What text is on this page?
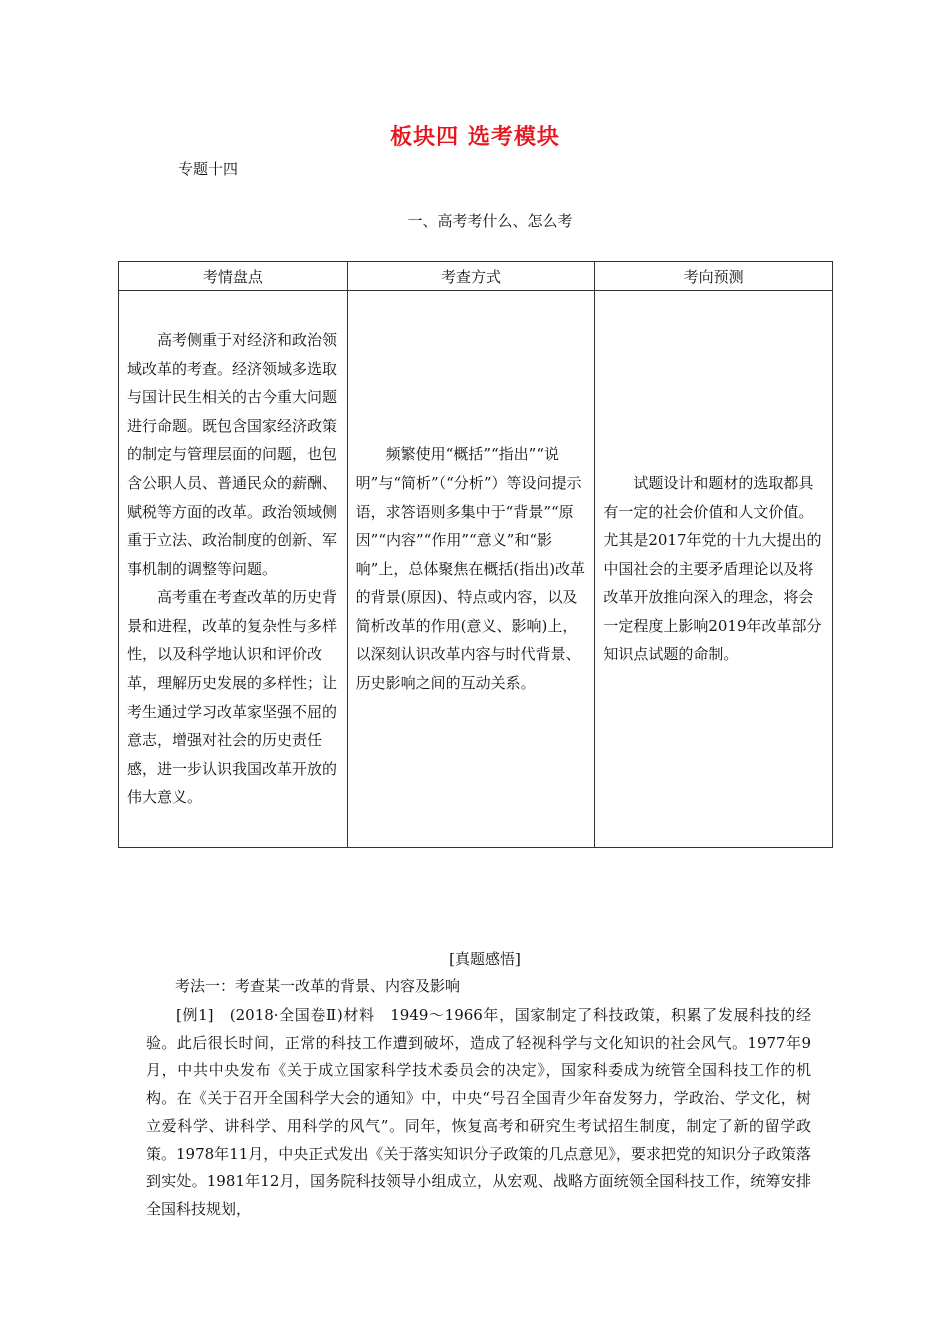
板块四 选考模块
专题十四
一、高考考什么、怎么考
考情盘点	考查方式	考向预测

高考侧重于对经济和政治领域改革的考查。经济领域多选取与国计民生相关的古今重大问题进行命题。既包含国家经济政策的制定与管理层面的问题，也包含公职人员、普通民众的薪酬、赋税等方面的改革。政治领域侧重于立法、政治制度的创新、军事机制的调整等问题。

高考重在考查改革的历史背景和进程，改革的复杂性与多样性，以及科学地认识和评价改革，理解历史发展的多样性；让考生通过学习改革家坚强不屈的意志，增强对社会的历史责任感，进一步认识我国改革开放的伟大意义。	频繁使用“概括”“指出”“说明”与“简析”（“分析”）等设问提示语，求答语则多集中于“背景”“原因”“内容”“作用”“意义”和“影响”上，总体聚焦在概括(指出)改革的背景(原因)、特点或内容，以及简析改革的作用(意义、影响)上，以深刻认识改革内容与时代背景、历史影响之间的互动关系。	试题设计和题材的选取都具有一定的社会价值和人文价值。尤其是2017年党的十九大提出的中国社会的主要矛盾理论以及将改革开放推向深入的理念，将会一定程度上影响2019年改革部分知识点试题的命制。

[真题感悟]
考法一：考查某一改革的背景、内容及影响

[例1]　(2018·全国卷Ⅱ)材料　1949～1966年，国家制定了科技政策，积累了发展科技的经验。此后很长时间，正常的科技工作遭到破坏，造成了轻视科学与文化知识的社会风气。1977年9月，中共中央发布《关于成立国家科学技术委员会的决定》，国家科委成为统管全国科技工作的机构。在《关于召开全国科学大会的通知》中，中央“号召全国青少年奋发努力，学政治、学文化，树立爱科学、讲科学、用科学的风气”。同年，恢复高考和研究生考试招生制度，制定了新的留学政策。1978年11月，中央正式发出《关于落实知识分子政策的几点意见》，要求把党的知识分子政策落到实处。1981年12月，国务院科技领导小组成立，从宏观、战略方面统领全国科技工作，统筹安排全国科技规划，
